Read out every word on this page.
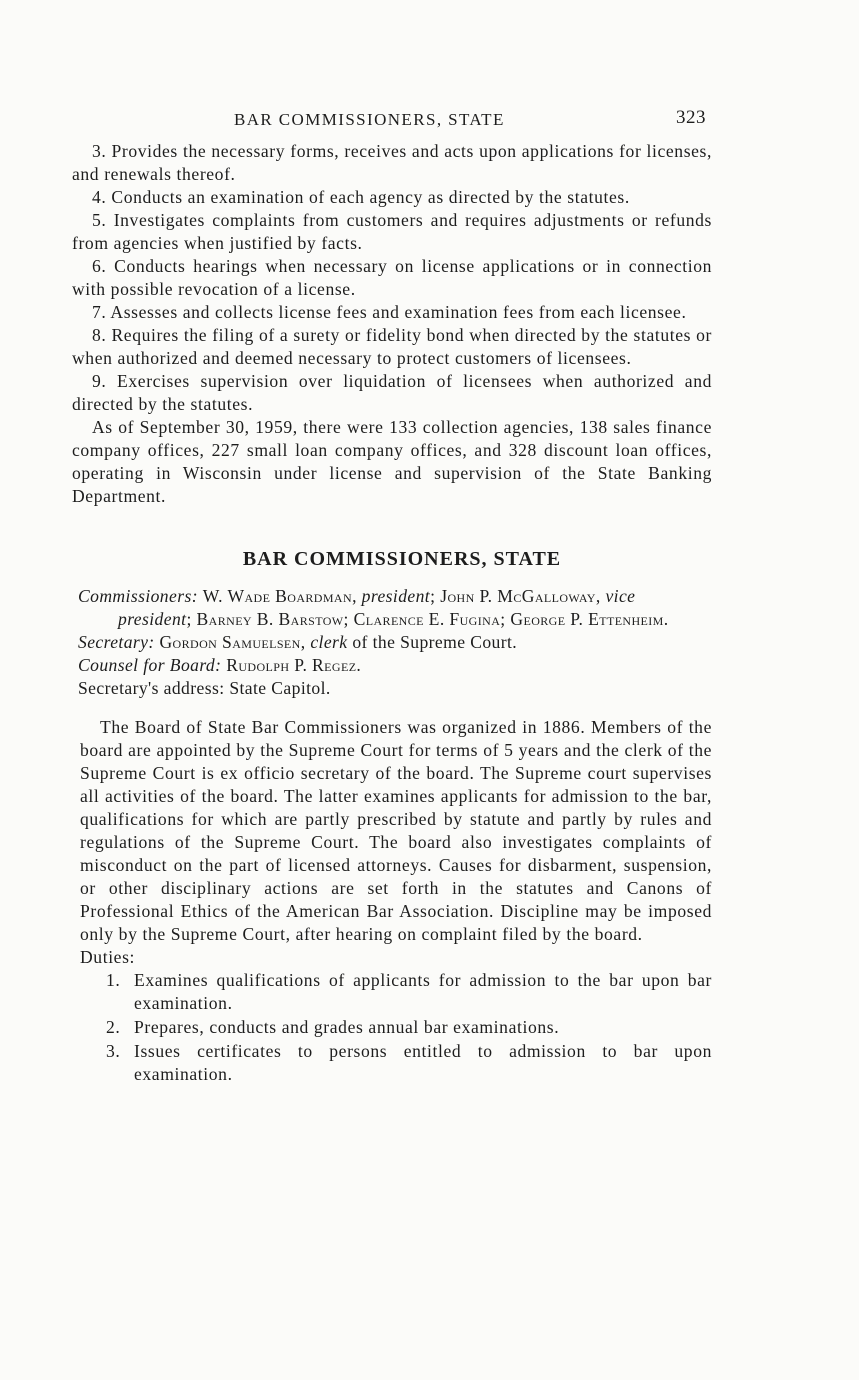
BAR COMMISSIONERS, STATE	323

3. Provides the necessary forms, receives and acts upon applications for licenses, and renewals thereof.

4. Conducts an examination of each agency as directed by the statutes.

5. Investigates complaints from customers and requires adjustments or refunds from agencies when justified by facts.

6. Conducts hearings when necessary on license applications or in connection with possible revocation of a license.

7. Assesses and collects license fees and examination fees from each licensee.

8. Requires the filing of a surety or fidelity bond when directed by the statutes or when authorized and deemed necessary to protect customers of licensees.

9. Exercises supervision over liquidation of licensees when authorized and directed by the statutes.

As of September 30, 1959, there were 133 collection agencies, 138 sales finance company offices, 227 small loan company offices, and 328 discount loan offices, operating in Wisconsin under license and supervision of the State Banking Department.

BAR COMMISSIONERS, STATE
Commissioners: W. Wade Boardman, president; John P. McGalloway, vice president; Barney B. Barstow; Clarence E. Fugina; George P. Ettenheim.
Secretary: Gordon Samuelsen, clerk of the Supreme Court.
Counsel for Board: Rudolph P. Regez.
Secretary's address: State Capitol.

The Board of State Bar Commissioners was organized in 1886. Members of the board are appointed by the Supreme Court for terms of 5 years and the clerk of the Supreme Court is ex officio secretary of the board. The Supreme court supervises all activities of the board. The latter examines applicants for admission to the bar, qualifications for which are partly prescribed by statute and partly by rules and regulations of the Supreme Court. The board also investigates complaints of misconduct on the part of licensed attorneys. Causes for disbarment, suspension, or other disciplinary actions are set forth in the statutes and Canons of Professional Ethics of the American Bar Association. Discipline may be imposed only by the Supreme Court, after hearing on complaint filed by the board.

Duties:
1. Examines qualifications of applicants for admission to the bar upon bar examination.
2. Prepares, conducts and grades annual bar examinations.
3. Issues certificates to persons entitled to admission to bar upon examination.
